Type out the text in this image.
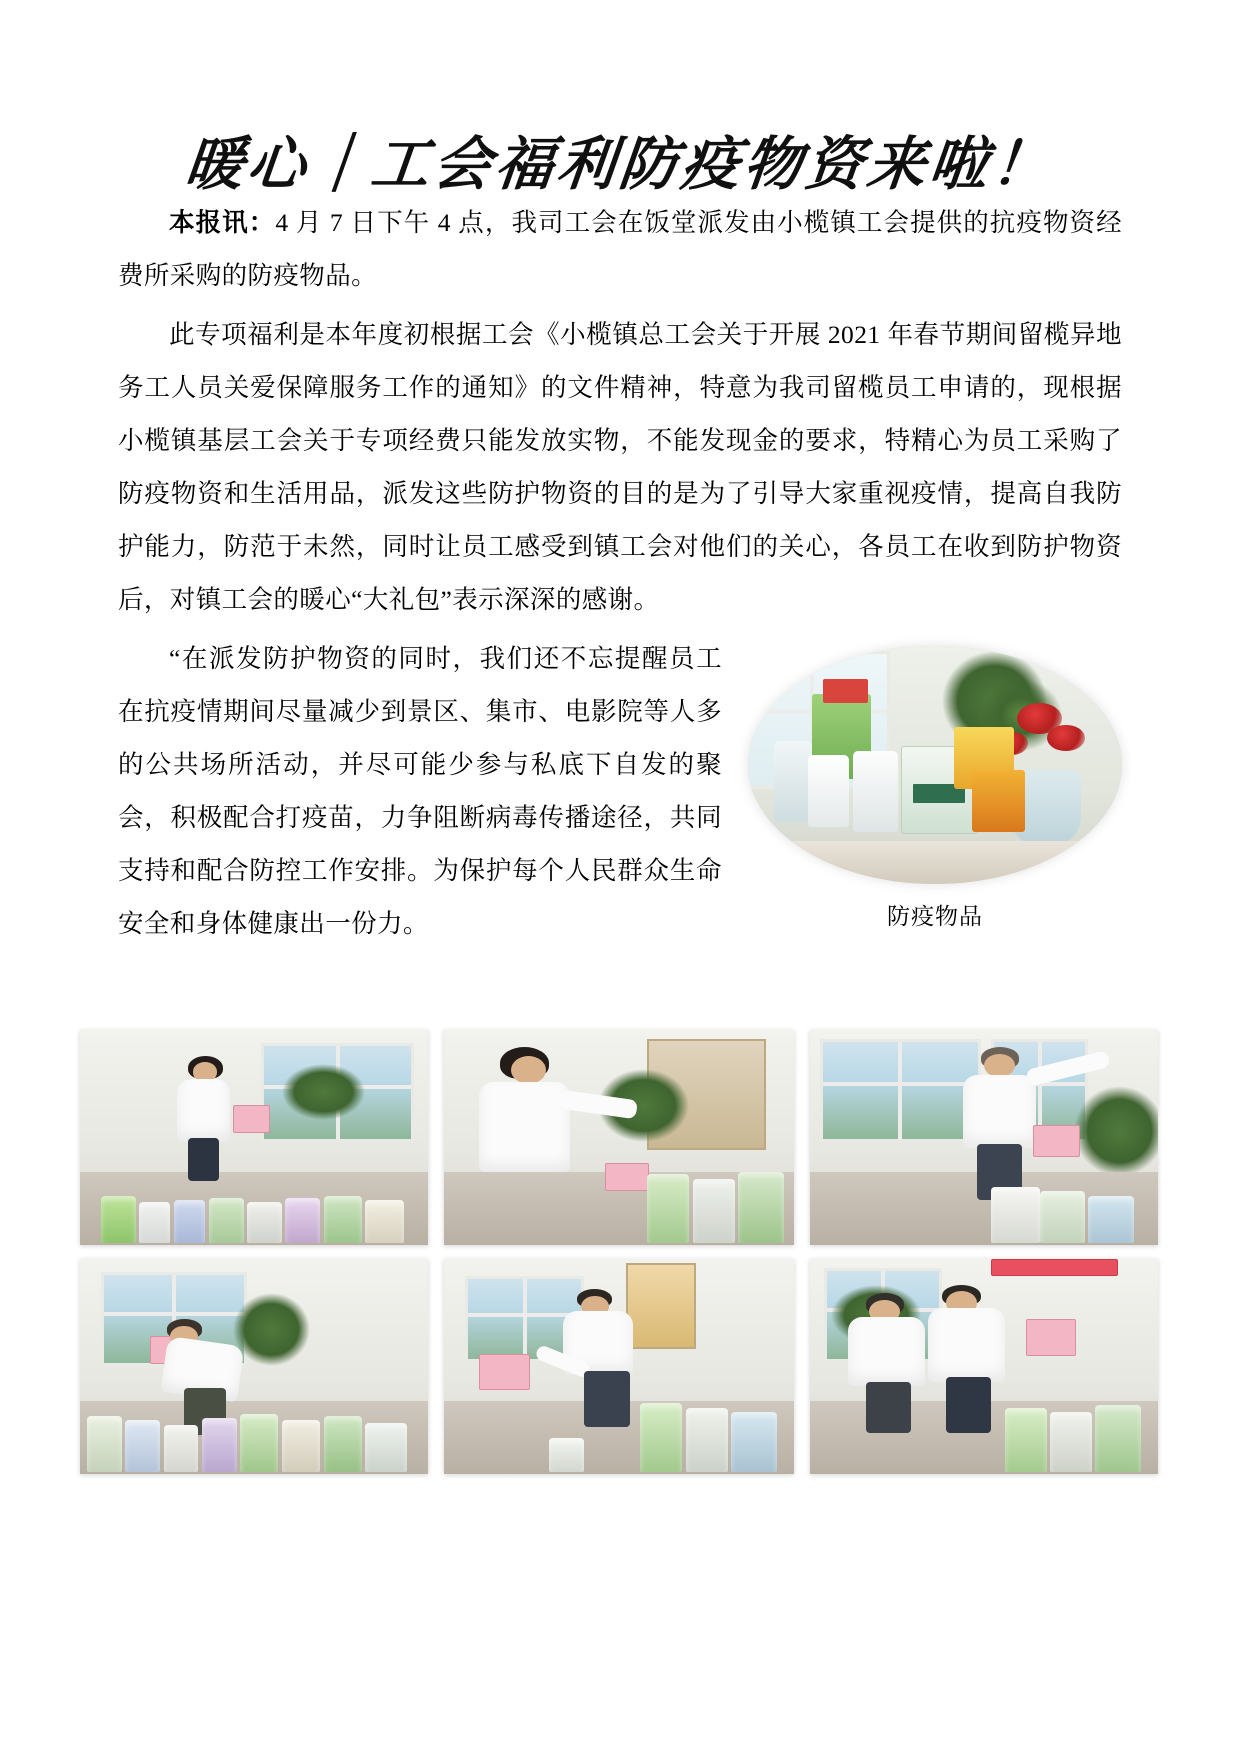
暖心｜工会福利防疫物资来啦！

本报讯：4 月 7 日下午 4 点，我司工会在饭堂派发由小榄镇工会提供的抗疫物资经费所采购的防疫物品。

此专项福利是本年度初根据工会《小榄镇总工会关于开展 2021 年春节期间留榄异地务工人员关爱保障服务工作的通知》的文件精神，特意为我司留榄员工申请的，现根据小榄镇基层工会关于专项经费只能发放实物，不能发现金的要求，特精心为员工采购了防疫物资和生活用品，派发这些防护物资的目的是为了引导大家重视疫情，提高自我防护能力，防范于未然，同时让员工感受到镇工会对他们的关心，各员工在收到防护物资后，对镇工会的暖心“大礼包”表示深深的感谢。

防疫物品

“在派发防护物资的同时，我们还不忘提醒员工在抗疫情期间尽量减少到景区、集市、电影院等人多的公共场所活动，并尽可能少参与私底下自发的聚会，积极配合打疫苗，力争阻断病毒传播途径，共同支持和配合防控工作安排。为保护每个人民群众生命安全和身体健康出一份力。
